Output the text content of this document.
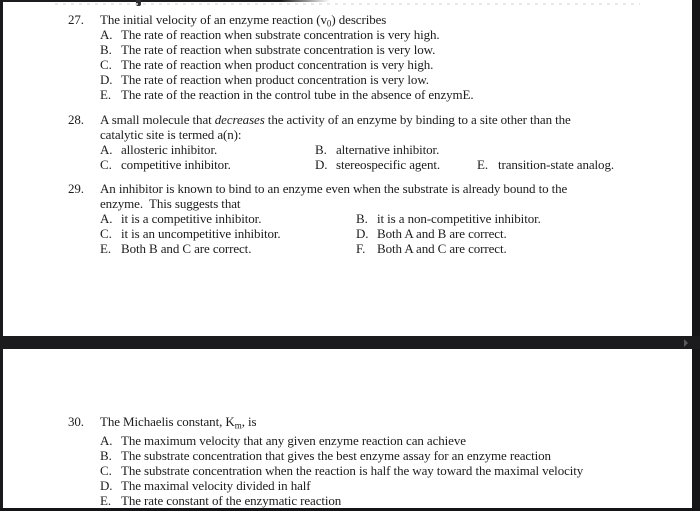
27. The initial velocity of an enzyme reaction $(v_0)$ describes
A. The rate of reaction when substrate concentration is very high.
B. The rate of reaction when substrate concentration is very low.
C. The rate of reaction when product concentration is very high.
D. The rate of reaction when product concentration is very low.
E. The rate of the reaction in the control tube in the absence of enzymE.
28. A small molecule that decreases the activity of an enzyme by binding to a site other than the
catalytic site is termed a(n):
A. allosteric inhibitor.	B. alternative inhibitor.
C. competitive inhibitor.	D. stereospecific agent.	E. transition-state analog.
29. An inhibitor is known to bind to an enzyme even when the substrate is already bound to the
enzyme.  This suggests that
A. it is a competitive inhibitor.	B. it is a non-competitive inhibitor.
C. it is an uncompetitive inhibitor.	D. Both A and B are correct.
E. Both B and C are correct.	F. Both A and C are correct.
30. The Michaelis constant, $K_m$, is
A. The maximum velocity that any given enzyme reaction can achieve
B. The substrate concentration that gives the best enzyme assay for an enzyme reaction
C. The substrate concentration when the reaction is half the way toward the maximal velocity
D. The maximal velocity divided in half
E. The rate constant of the enzymatic reaction
